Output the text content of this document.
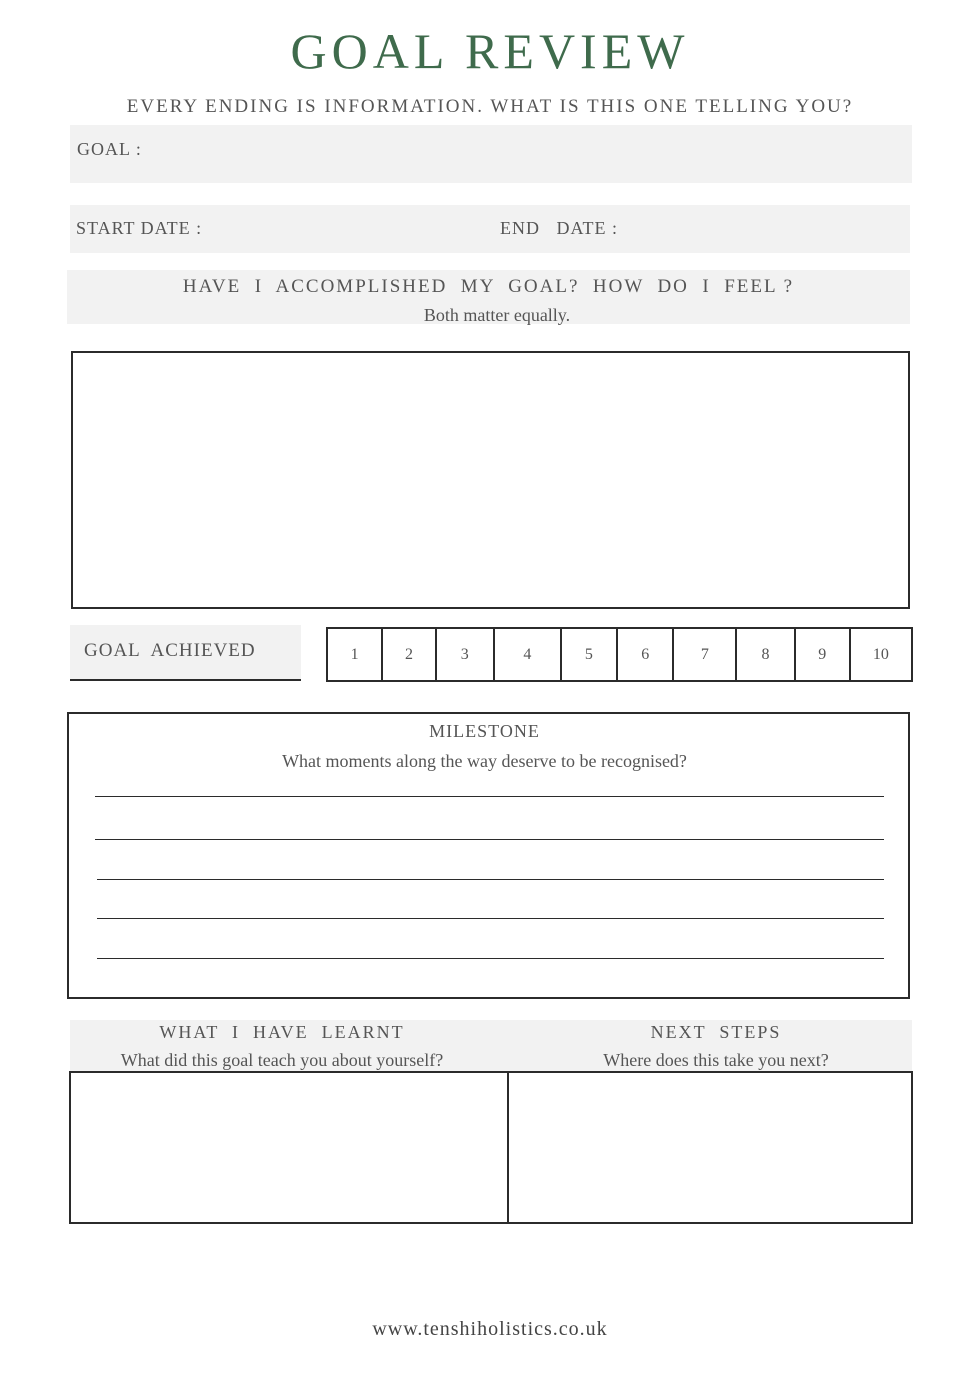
GOAL REVIEW
EVERY ENDING IS INFORMATION. WHAT IS THIS ONE TELLING YOU?
GOAL :
START DATE :	END   DATE :
HAVE  I  ACCOMPLISHED  MY  GOAL?  HOW  DO  I  FEEL ?
Both matter equally.
GOAL  ACHIEVED	1	2	3	4	5	6	7	8	9	10
MILESTONE
What moments along the way deserve to be recognised?
WHAT  I  HAVE  LEARNT
What did this goal teach you about yourself?
NEXT  STEPS
Where does this take you next?
www.tenshiholistics.co.uk
